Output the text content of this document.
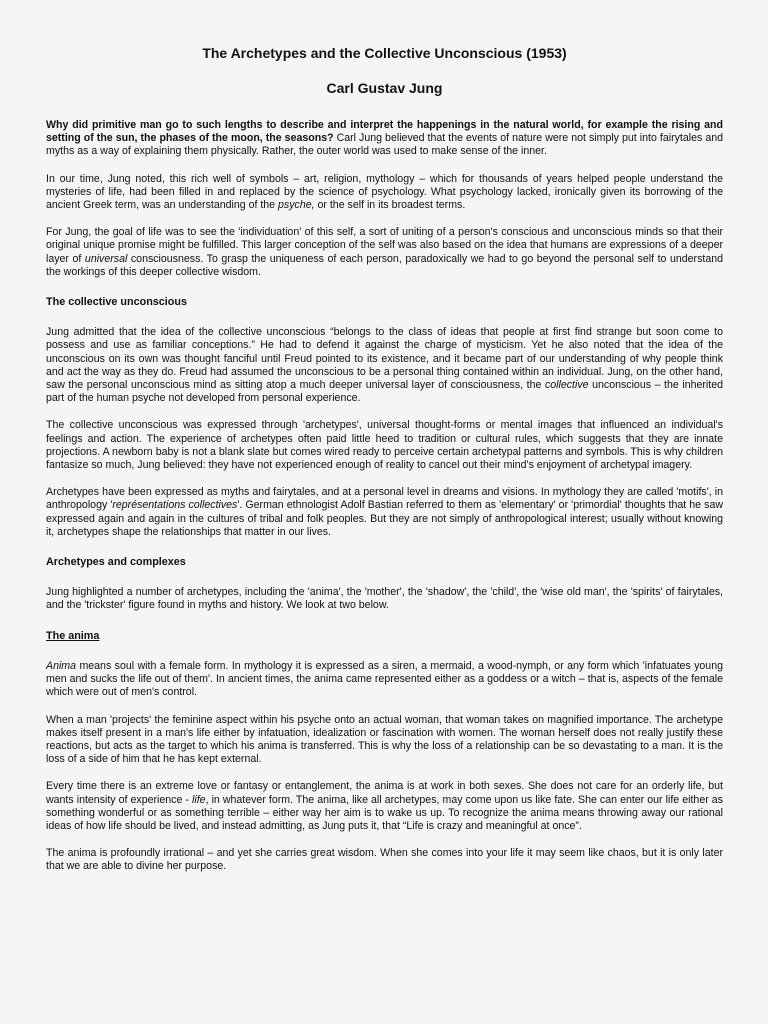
The Archetypes and the Collective Unconscious (1953)
Carl Gustav Jung

Why did primitive man go to such lengths to describe and interpret the happenings in the natural world, for example the rising and setting of the sun, the phases of the moon, the seasons? Carl Jung believed that the events of nature were not simply put into fairytales and myths as a way of explaining them physically. Rather, the outer world was used to make sense of the inner.

In our time, Jung noted, this rich well of symbols – art, religion, mythology – which for thousands of years helped people understand the mysteries of life, had been filled in and replaced by the science of psychology. What psychology lacked, ironically given its borrowing of the ancient Greek term, was an understanding of the psyche, or the self in its broadest terms.

For Jung, the goal of life was to see the 'individuation' of this self, a sort of uniting of a person's conscious and unconscious minds so that their original unique promise might be fulfilled. This larger conception of the self was also based on the idea that humans are expressions of a deeper layer of universal consciousness. To grasp the uniqueness of each person, paradoxically we had to go beyond the personal self to understand the workings of this deeper collective wisdom.

The collective unconscious

Jung admitted that the idea of the collective unconscious “belongs to the class of ideas that people at first find strange but soon come to possess and use as familiar conceptions.” He had to defend it against the charge of mysticism. Yet he also noted that the idea of the unconscious on its own was thought fanciful until Freud pointed to its existence, and it became part of our understanding of why people think and act the way as they do. Freud had assumed the unconscious to be a personal thing contained within an individual. Jung, on the other hand, saw the personal unconscious mind as sitting atop a much deeper universal layer of consciousness, the collective unconscious – the inherited part of the human psyche not developed from personal experience.

The collective unconscious was expressed through 'archetypes', universal thought-forms or mental images that influenced an individual's feelings and action. The experience of archetypes often paid little heed to tradition or cultural rules, which suggests that they are innate projections. A newborn baby is not a blank slate but comes wired ready to perceive certain archetypal patterns and symbols. This is why children fantasize so much, Jung believed: they have not experienced enough of reality to cancel out their mind's enjoyment of archetypal imagery.

Archetypes have been expressed as myths and fairytales, and at a personal level in dreams and visions. In mythology they are called 'motifs', in anthropology 'représentations collectives'. German ethnologist Adolf Bastian referred to them as 'elementary' or 'primordial' thoughts that he saw expressed again and again in the cultures of tribal and folk peoples. But they are not simply of anthropological interest; usually without knowing it, archetypes shape the relationships that matter in our lives.

Archetypes and complexes

Jung highlighted a number of archetypes, including the 'anima', the 'mother', the 'shadow', the 'child', the 'wise old man', the 'spirits' of fairytales, and the 'trickster' figure found in myths and history. We look at two below.

The anima

Anima means soul with a female form. In mythology it is expressed as a siren, a mermaid, a wood-nymph, or any form which 'infatuates young men and sucks the life out of them'. In ancient times, the anima came represented either as a goddess or a witch – that is, aspects of the female which were out of men's control.

When a man 'projects' the feminine aspect within his psyche onto an actual woman, that woman takes on magnified importance. The archetype makes itself present in a man's life either by infatuation, idealization or fascination with women. The woman herself does not really justify these reactions, but acts as the target to which his anima is transferred. This is why the loss of a relationship can be so devastating to a man. It is the loss of a side of him that he has kept external.

Every time there is an extreme love or fantasy or entanglement, the anima is at work in both sexes. She does not care for an orderly life, but wants intensity of experience - life, in whatever form. The anima, like all archetypes, may come upon us like fate. She can enter our life either as something wonderful or as something terrible – either way her aim is to wake us up. To recognize the anima means throwing away our rational ideas of how life should be lived, and instead admitting, as Jung puts it, that “Life is crazy and meaningful at once”.

The anima is profoundly irrational – and yet she carries great wisdom. When she comes into your life it may seem like chaos, but it is only later that we are able to divine her purpose.
